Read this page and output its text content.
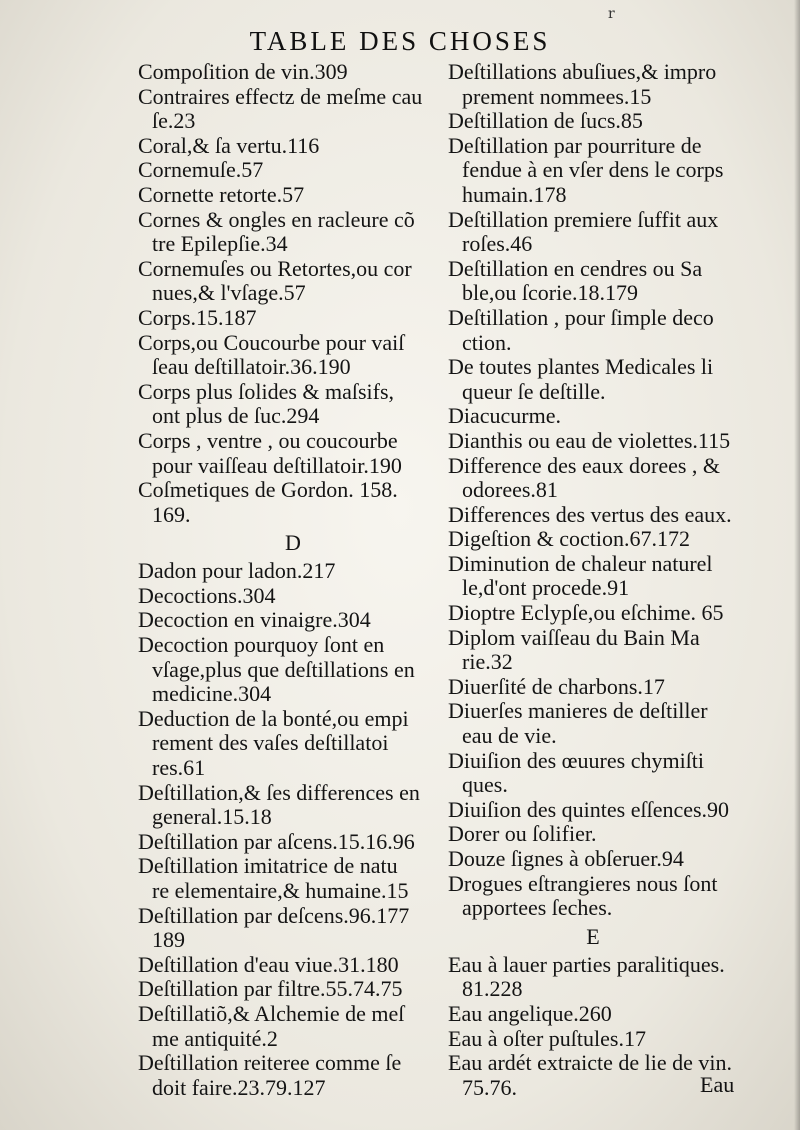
r
TABLE DES CHOSES
Compoſition de vin.309
Contraires effectz de meſme cau
ſe.23
Coral,& ſa vertu.116
Cornemuſe.57
Cornette retorte.57
Cornes & ongles en racleure cõ
tre Epilepſie.34
Cornemuſes ou Retortes,ou cor
nues,& l'vſage.57
Corps.15.187
Corps,ou Coucourbe pour vaiſ
ſeau deſtillatoir.36.190
Corps plus ſolides & maſsifs,
ont plus de ſuc.294
Corps , ventre , ou coucourbe
pour vaiſſeau deſtillatoir.190
Coſmetiques de Gordon. 158.
169.
D
Dadon pour ladon.217
Decoctions.304
Decoction en vinaigre.304
Decoction pourquoy ſont en
vſage,plus que deſtillations en
medicine.304
Deduction de la bonté,ou empi
rement des vaſes deſtillatoi
res.61
Deſtillation,& ſes differences en
general.15.18
Deſtillation par aſcens.15.16.96
Deſtillation imitatrice de natu
re elementaire,& humaine.15
Deſtillation par deſcens.96.177
189
Deſtillation d'eau viue.31.180
Deſtillation par filtre.55.74.75
Deſtillatiõ,& Alchemie de meſ
me antiquité.2
Deſtillation reiteree comme ſe
doit faire.23.79.127
Deſtillations abuſiues,& impro
prement nommees.15
Deſtillation de ſucs.85
Deſtillation par pourriture de
fendue à en vſer dens le corps
humain.178
Deſtillation premiere ſuffit aux
roſes.46
Deſtillation en cendres ou Sa
ble,ou ſcorie.18.179
Deſtillation , pour ſimple deco
ction.
De toutes plantes Medicales li
queur ſe deſtille.
Diacucurme.
Dianthis ou eau de violettes.115
Difference des eaux dorees , &
odorees.81
Differences des vertus des eaux.
Digeſtion & coction.67.172
Diminution de chaleur naturel
le,d'ont procede.91
Dioptre Eclypſe,ou eſchime. 65
Diplom vaiſſeau du Bain Ma
rie.32
Diuerſité de charbons.17
Diuerſes manieres de deſtiller
eau de vie.
Diuiſion des œuures chymiſti
ques.
Diuiſion des quintes eſſences.90
Dorer ou ſolifier.
Douze ſignes à obſeruer.94
Drogues eſtrangieres nous ſont
apportees ſeches.
E
Eau à lauer parties paralitiques.
81.228
Eau angelique.260
Eau à oſter puſtules.17
Eau ardét extraicte de lie de vin.
75.76.	Eau
